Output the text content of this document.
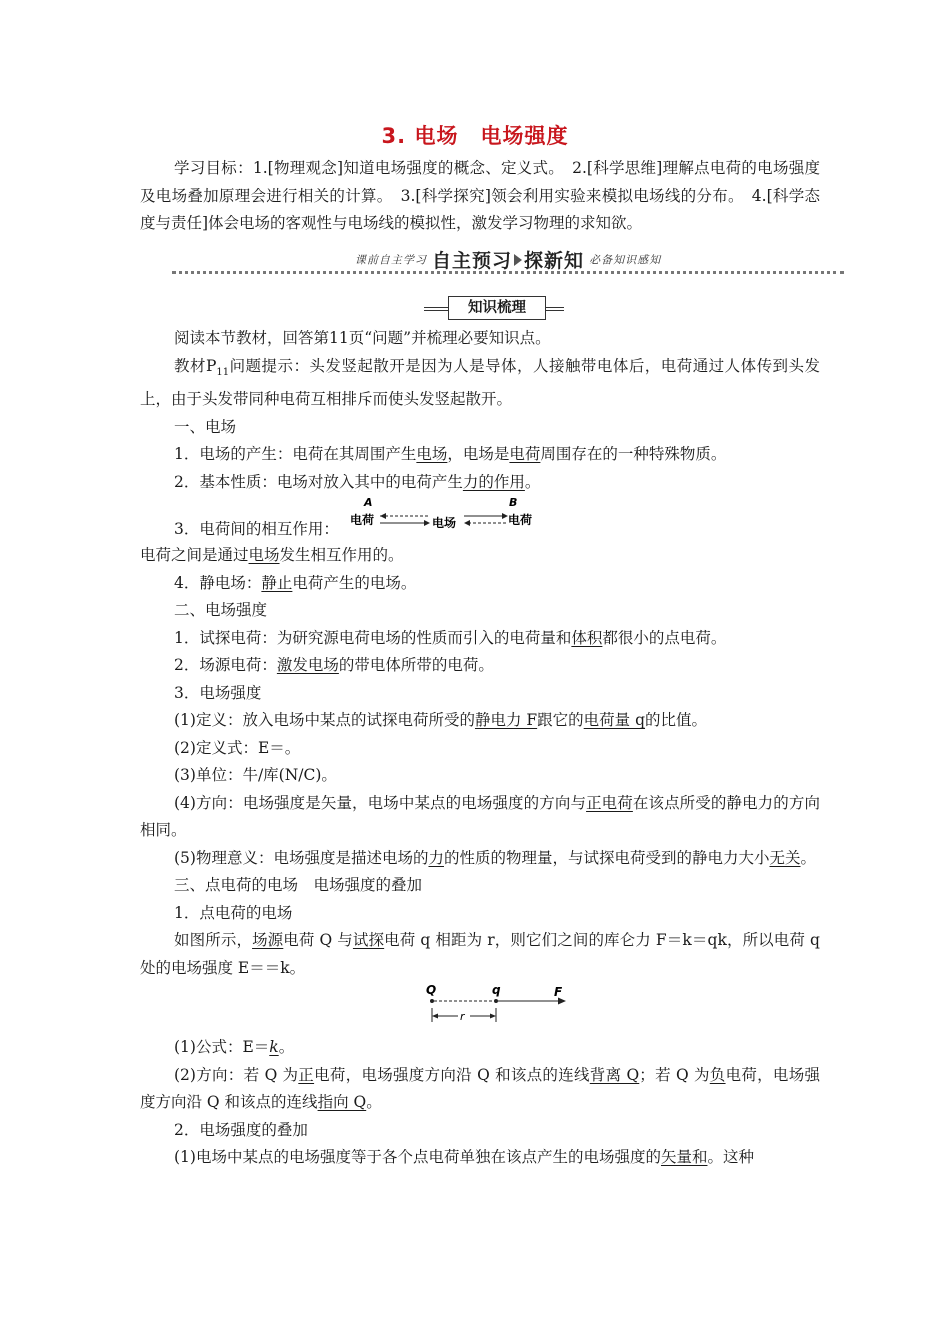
3. 电场　电场强度

学习目标：1.[物理观念]知道电场强度的概念、定义式。　2.[科学思维]理解点电荷的电场强度及电场叠加原理会进行相关的计算。　3.[科学探究]领会利用实验来模拟电场线的分布。　4.[科学态度与责任]体会电场的客观性与电场线的模拟性，激发学习物理的求知欲。

课前自主学习 自主预习 探新知 必备知识感知
知识梳理

阅读本节教材，回答第11页“问题”并梳理必要知识点。

教材$P_{11}$问题提示：头发竖起散开是因为人是导体，人接触带电体后，电荷通过人体传到头发上，由于头发带同种电荷互相排斥而使头发竖起散开。

一、电场

1．电场的产生：电荷在其周围产生电场，电场是电荷周围存在的一种特殊物质。

2．基本性质：电场对放入其中的电荷产生力的作用。

3．电荷间的相互作用：
A	B
电荷	电场	电荷

电荷之间是通过电场发生相互作用的。

4．静电场：静止电荷产生的电场。

二、电场强度

1．试探电荷：为研究源电荷电场的性质而引入的电荷量和体积都很小的点电荷。

2．场源电荷：激发电场的带电体所带的电荷。

3．电场强度

(1)定义：放入电场中某点的试探电荷所受的静电力 F跟它的电荷量 q的比值。

(2)定义式：E＝。

(3)单位：牛/库(N/C)。

(4)方向：电场强度是矢量，电场中某点的电场强度的方向与正电荷在该点所受的静电力的方向相同。

(5)物理意义：电场强度是描述电场的力的性质的物理量，与试探电荷受到的静电力大小无关。

三、点电荷的电场　电场强度的叠加

1．点电荷的电场

如图所示，场源电荷 Q 与试探电荷 q 相距为 r，则它们之间的库仑力 F＝k＝qk，所以电荷 q 处的电场强度 E＝＝k。

Q	q	F
r

(1)公式：E＝k。

(2)方向：若 Q 为正电荷，电场强度方向沿 Q 和该点的连线背离 Q；若 Q 为负电荷，电场强度方向沿 Q 和该点的连线指向 Q。

2．电场强度的叠加

(1)电场中某点的电场强度等于各个点电荷单独在该点产生的电场强度的矢量和。这种
